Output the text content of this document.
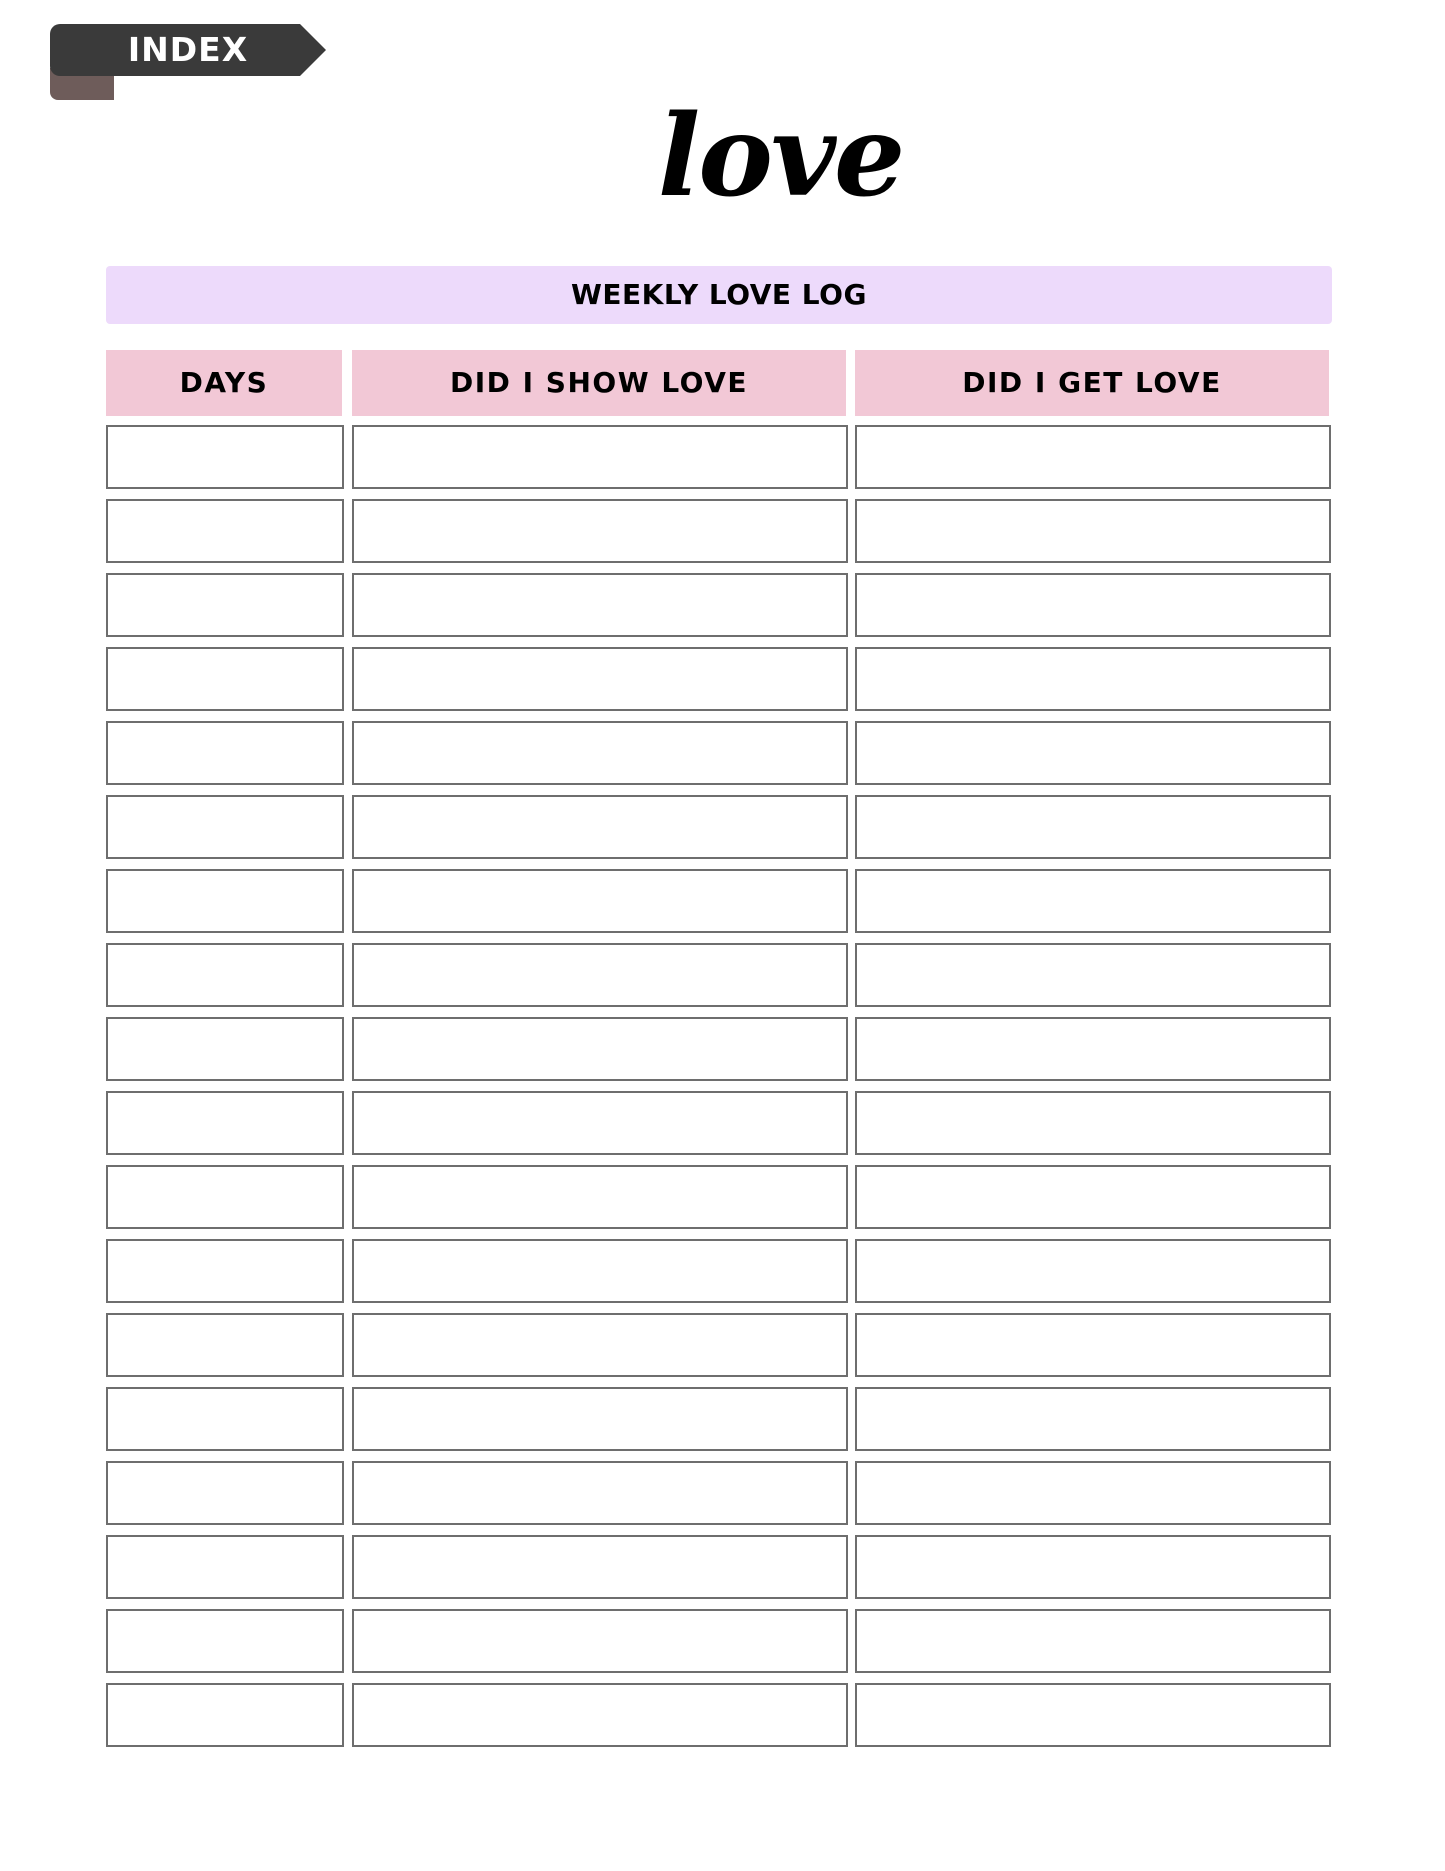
INDEX
love
WEEKLY LOVE LOG
DAYS	DID I SHOW LOVE	DID I GET LOVE
